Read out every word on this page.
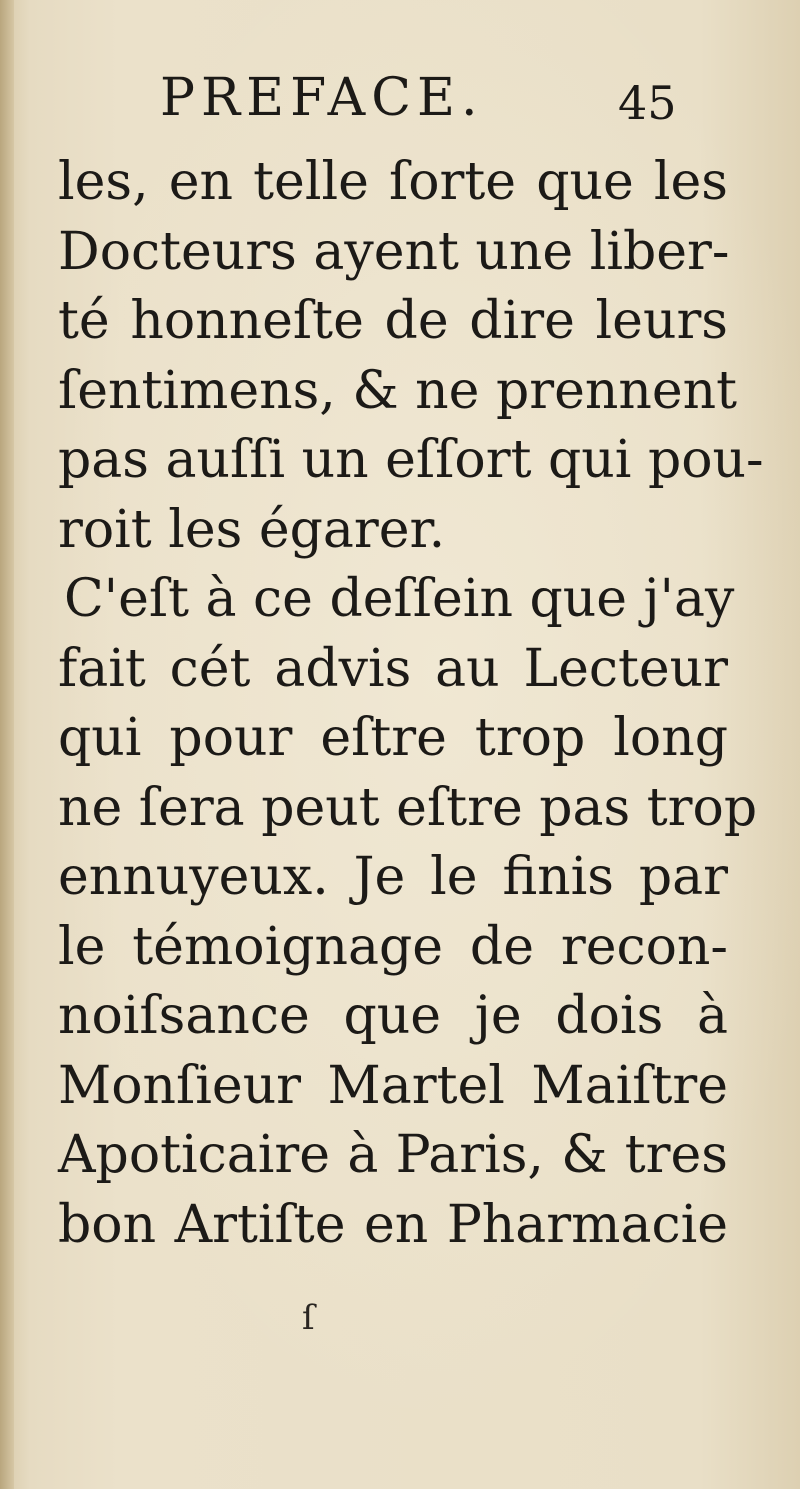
PREFACE.	45
les, en telle ſorte que les
Docteurs ayent une liber-
té honneſte de dire leurs
ſentimens, & ne prennent
pas auſſi un eſſort qui pou-
roit les égarer.
C'eſt à ce deſſein que j'ay
fait cét advis au Lecteur
qui pour eſtre trop long
ne ſera peut eſtre pas trop
ennuyeux. Je le finis par
le témoignage de recon-
noiſsance que je dois à
Monſieur Martel Maiſtre
Apoticaire à Paris, & tres
bon Artiſte en Pharmacie
ſ
